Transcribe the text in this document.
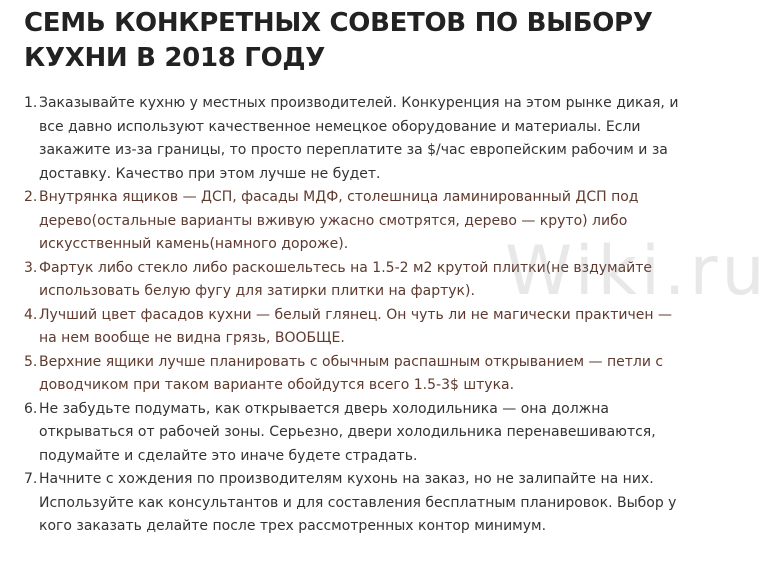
СЕМЬ КОНКРЕТНЫХ СОВЕТОВ ПО ВЫБОРУ КУХНИ В 2018 ГОДУ
1. Заказывайте кухню у местных производителей. Конкуренция на этом рынке дикая, и все давно используют качественное немецкое оборудование и материалы. Если закажите из-за границы, то просто переплатите за $/час европейским рабочим и за доставку. Качество при этом лучше не будет.
2. Внутрянка ящиков — ДСП, фасады МДФ, столешница ламинированный ДСП под дерево(остальные варианты вживую ужасно смотрятся, дерево — круто) либо искусственный камень(намного дороже).
3. Фартук либо стекло либо раскошельтесь на 1.5-2 м2 крутой плитки(не вздумайте использовать белую фугу для затирки плитки на фартук).
4. Лучший цвет фасадов кухни — белый глянец. Он чуть ли не магически практичен — на нем вообще не видна грязь, ВООБЩЕ.
5. Верхние ящики лучше планировать с обычным распашным открыванием — петли с доводчиком при таком варианте обойдутся всего 1.5-3$ штука.
6. Не забудьте подумать, как открывается дверь холодильника — она должна открываться от рабочей зоны. Серьезно, двери холодильника перенавешиваются, подумайте и сделайте это иначе будете страдать.
7. Начните с хождения по производителям кухонь на заказ, но не залипайте на них. Используйте как консультантов и для составления бесплатным планировок. Выбор у кого заказать делайте после трех рассмотренных контор минимум.
Wiki.ru
